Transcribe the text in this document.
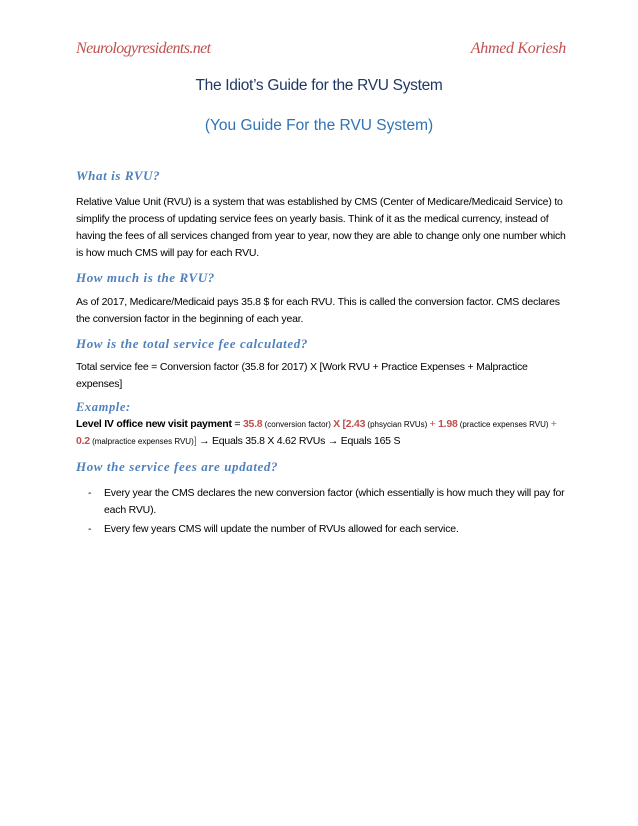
Neurologyresidents.net	Ahmed Koriesh
The Idiot’s Guide for the RVU System
(You Guide For the RVU System)
What is RVU?

Relative Value Unit (RVU) is a system that was established by CMS (Center of Medicare/Medicaid Service) to simplify the process of updating service fees on yearly basis. Think of it as the medical currency, instead of having the fees of all services changed from year to year, now they are able to change only one number which is how much CMS will pay for each RVU.

How much is the RVU?

As of 2017, Medicare/Medicaid pays 35.8 $ for each RVU. This is called the conversion factor. CMS declares the conversion factor in the beginning of each year.

How is the total service fee calculated?

Total service fee = Conversion factor (35.8 for 2017) X [Work RVU + Practice Expenses + Malpractice expenses]

Example:

Level IV office new visit payment = 35.8 (conversion factor) X [2.43 (phsycian RVUs) + 1.98 (practice expenses RVU) + 0.2 (malpractice expenses RVU)] → Equals 35.8 X 4.62 RVUs → Equals 165 S

How the service fees are updated?
- Every year the CMS declares the new conversion factor (which essentially is how much they will pay for each RVU).
- Every few years CMS will update the number of RVUs allowed for each service.
